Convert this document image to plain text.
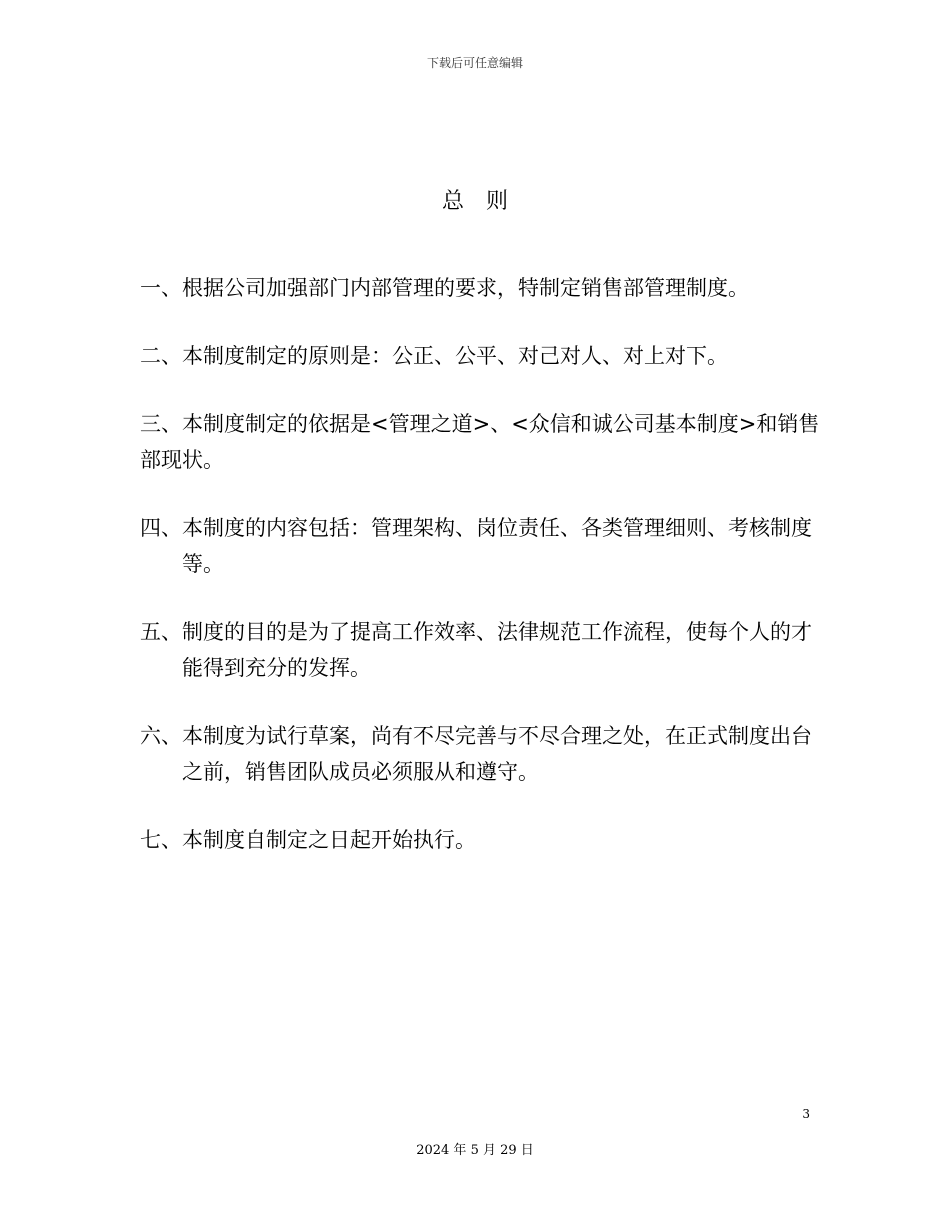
下载后可任意编辑
总则
一、 根据公司加强部门内部管理的要求，特制定销售部管理制度。
二、 本制度制定的原则是：公正、公平、对己对人、对上对下。
三、本制度制定的依据是<管理之道>、<众信和诚公司基本制度>和销售部现状。
四、 本制度的内容包括：管理架构、岗位责任、各类管理细则、考核制度等。
五、 制度的目的是为了提高工作效率、法律规范工作流程，使每个人的才能得到充分的发挥。
六、 本制度为试行草案，尚有不尽完善与不尽合理之处，在正式制度出台之前，销售团队成员必须服从和遵守。
七、 本制度自制定之日起开始执行。
3
2024 年 5 月 29 日
